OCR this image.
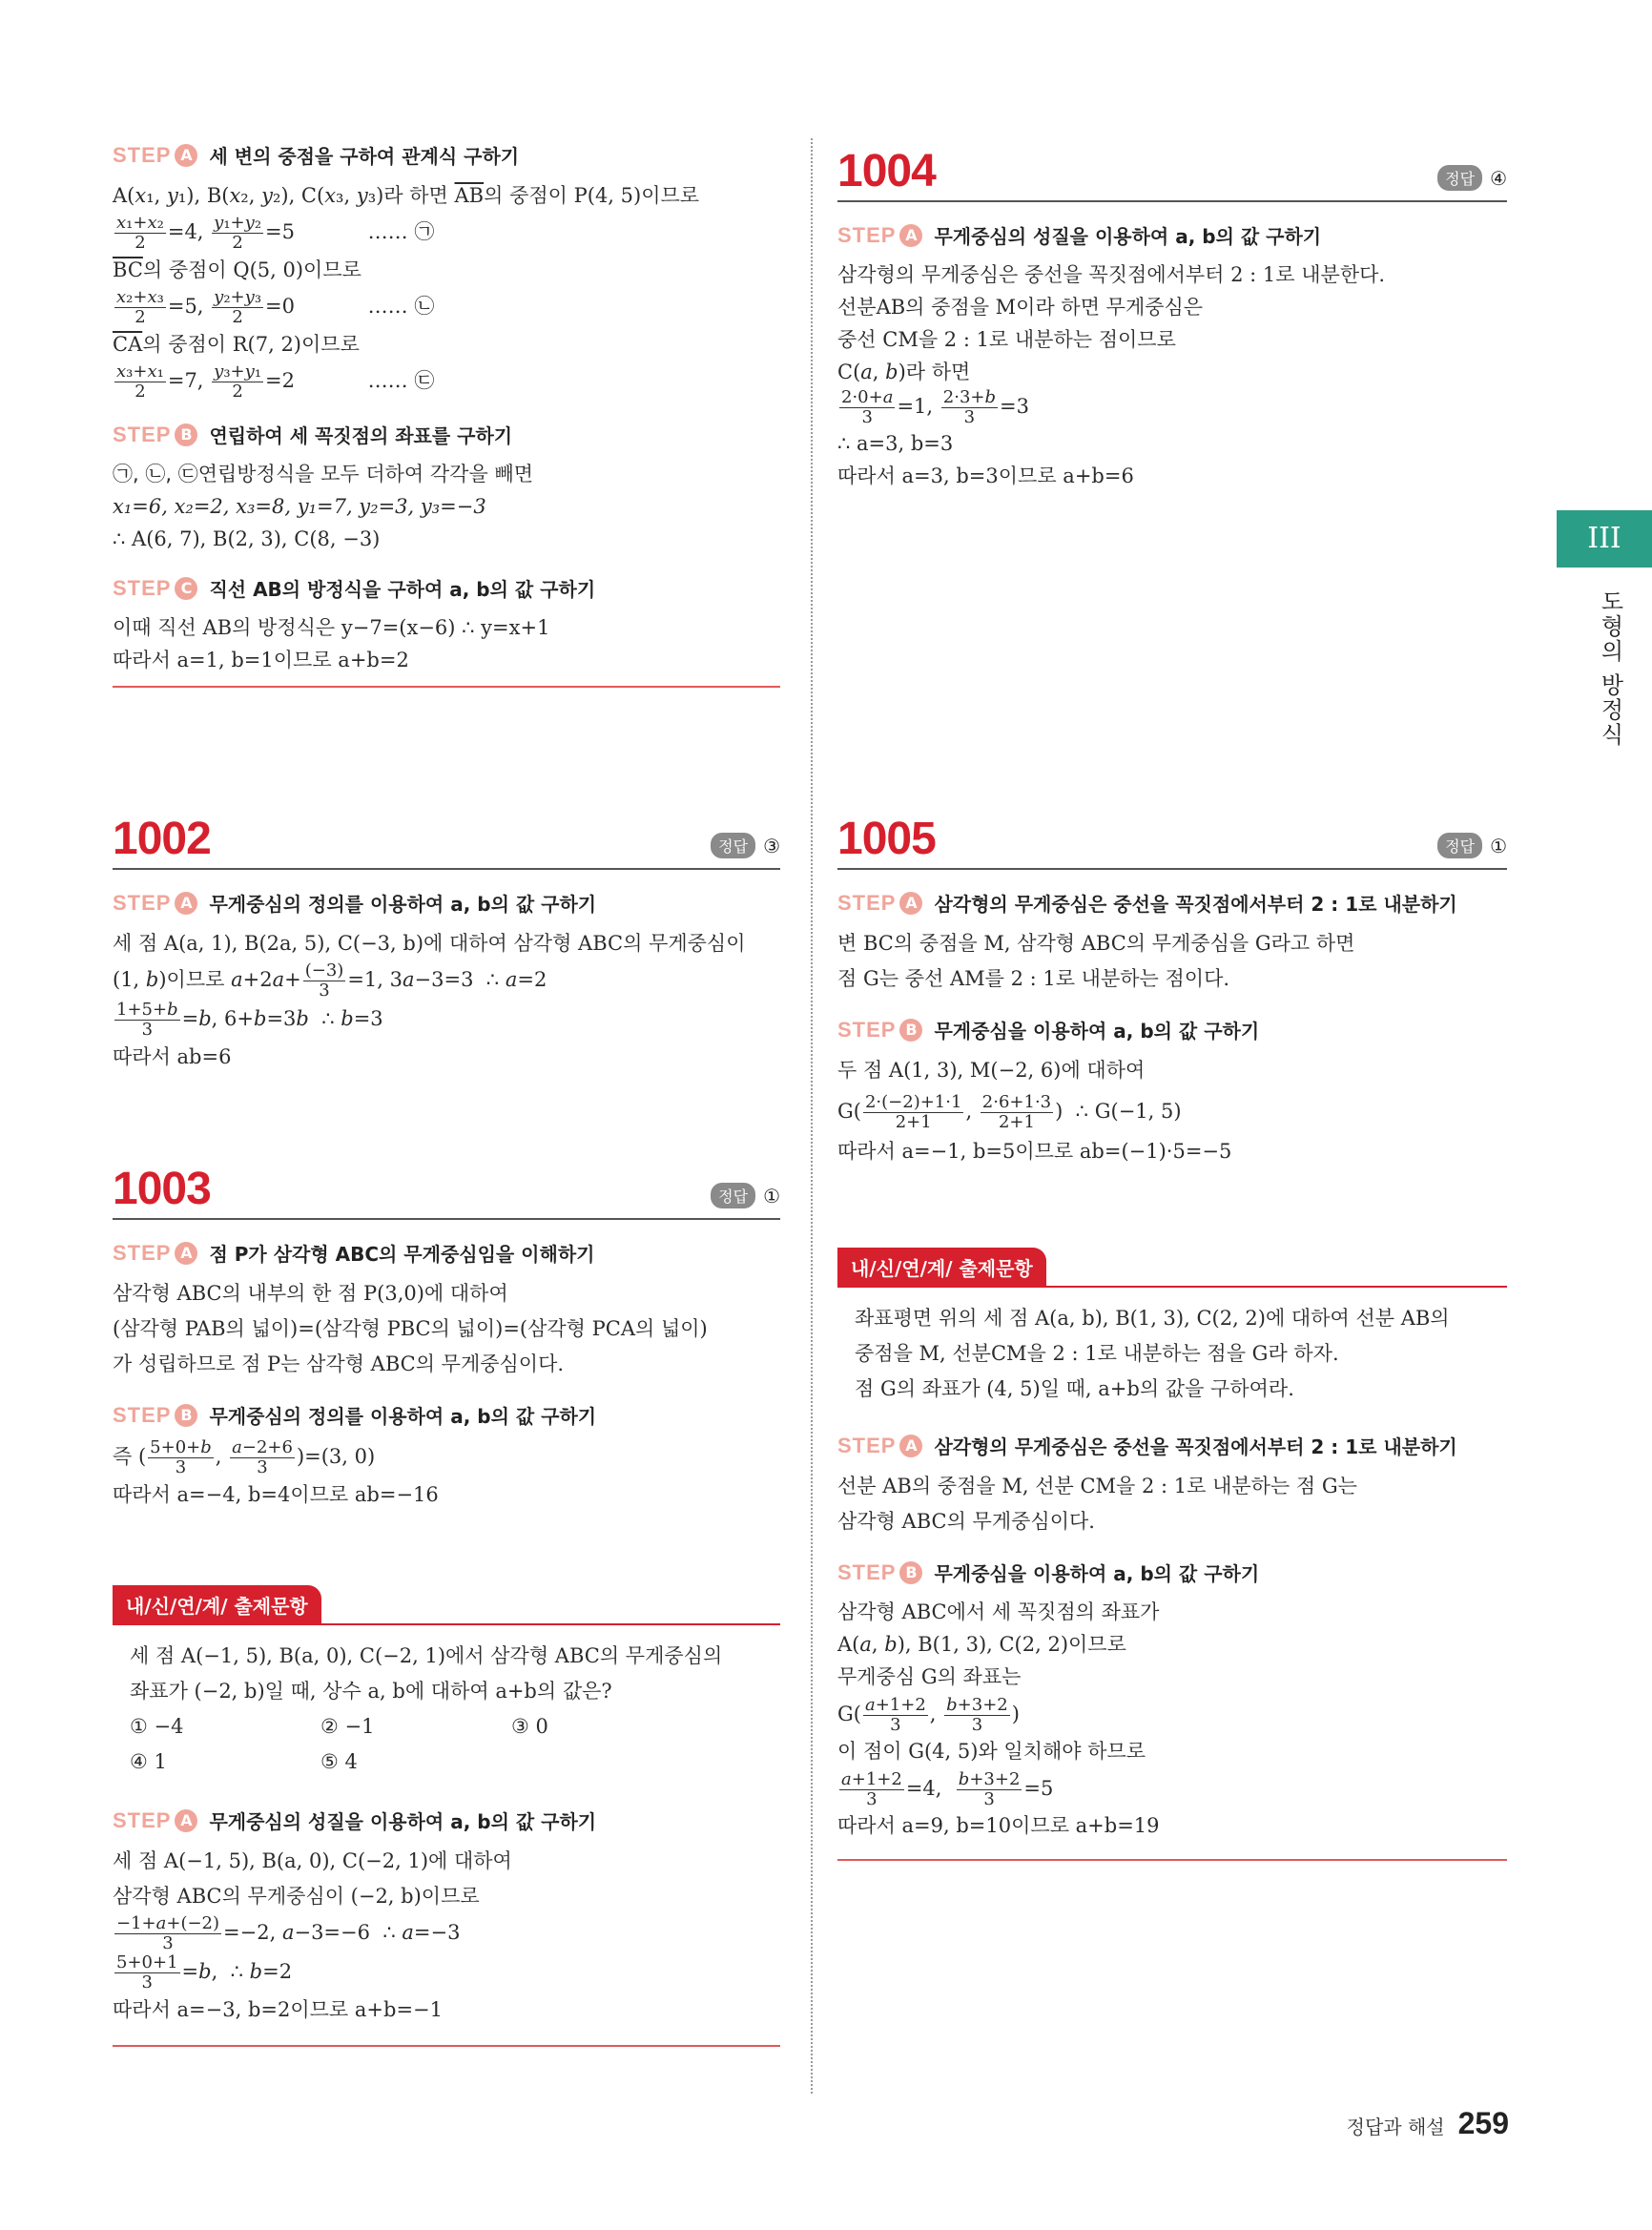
STEP A 세 변의 중점을 구하여 관계식 구하기
A(x₁, y₁), B(x₂, y₂), C(x₃, y₃)라 하면 $\overline{AB}$의 중점이 P(4, 5)이므로
$\frac{\text{x₁+x₂}}{2} =4$, $\frac{\text{y₁+y₂}}{2} =5$	…… ㉠
$\overline{BC}$의 중점이 Q(5, 0)이므로
$\frac{\text{x₂+x₃}}{2} =5$, $\frac{\text{y₂+y₃}}{2} =0$	…… ㉡
$\overline{CA}$의 중점이 R(7, 2)이므로
$\frac{\text{x₃+x₁}}{2} =7$, $\frac{\text{y₃+y₁}}{2} =2$	…… ㉢
STEP B 연립하여 세 꼭짓점의 좌표를 구하기
㉠, ㉡, ㉢연립방정식을 모두 더하여 각각을 빼면
x₁=6, x₂=2, x₃=8, y₁=7, y₂=3, y₃=−3
∴ A(6, 7), B(2, 3), C(8, −3)
STEP C 직선 AB의 방정식을 구하여 a, b의 값 구하기
이때 직선 AB의 방정식은 y−7=(x−6) ∴ y=x+1
따라서 a=1, b=1이므로 a+b=2
1002	정답 ③
STEP A 무게중심의 정의를 이용하여 a, b의 값 구하기
세 점 A(a, 1), B(2a, 5), C(−3, b)에 대하여 삼각형 ABC의 무게중심이
(1, b)이므로 $a+2a+ \frac{(-3)}{3} =1$, 3a−3=3  ∴ a=2
$\frac{1+5+b}{3} =b$, 6+b=3b  ∴ b=3
따라서 ab=6
1003	정답 ①
STEP A 점 P가 삼각형 ABC의 무게중심임을 이해하기
삼각형 ABC의 내부의 한 점 P(3,0)에 대하여
(삼각형 PAB의 넓이)=(삼각형 PBC의 넓이)=(삼각형 PCA의 넓이)
가 성립하므로 점 P는 삼각형 ABC의 무게중심이다.
STEP B 무게중심의 정의를 이용하여 a, b의 값 구하기
즉 ( $\frac{5+0+b}{3}$ , $\frac{a-2+6}{3} )=(3$, 0)
따라서 a=−4, b=4이므로 ab=−16
내/신/연/계/ 출제문항
세 점 A(−1, 5), B(a, 0), C(−2, 1)에서 삼각형 ABC의 무게중심의
좌표가 (−2, b)일 때, 상수 a, b에 대하여 a+b의 값은?
① −4	② −1	③ 0
④ 1	⑤ 4
STEP A 무게중심의 성질을 이용하여 a, b의 값 구하기
세 점 A(−1, 5), B(a, 0), C(−2, 1)에 대하여
삼각형 ABC의 무게중심이 (−2, b)이므로
$\frac{-1+a+(-2)}{3} =-2$, a−3=−6  ∴ a=−3
$\frac{5+0+1}{3} =b$,  ∴ b=2
따라서 a=−3, b=2이므로 a+b=−1
1004	정답 ④
STEP A 무게중심의 성질을 이용하여 a, b의 값 구하기
삼각형의 무게중심은 중선을 꼭짓점에서부터 2 : 1로 내분한다.
선분AB의 중점을 M이라 하면 무게중심은
중선 CM을 2 : 1로 내분하는 점이므로
C(a, b)라 하면
$\frac{2\cdot 0+a}{3} =1$, $\frac{2\cdot 3+b}{3} =3$
∴ a=3, b=3
따라서 a=3, b=3이므로 a+b=6
1005	정답 ①
STEP A 삼각형의 무게중심은 중선을 꼭짓점에서부터 2 : 1로 내분하기
변 BC의 중점을 M, 삼각형 ABC의 무게중심을 G라고 하면
점 G는 중선 AM를 2 : 1로 내분하는 점이다.
STEP B 무게중심을 이용하여 a, b의 값 구하기
두 점 A(1, 3), M(−2, 6)에 대하여
$G( \frac{2\cdot(-2)+1\cdot 1}{2+1}$ , $\frac{2\cdot 6+1\cdot 3}{2+1}$ )  ∴ G(−1, 5)
따라서 a=−1, b=5이므로 ab=(−1)·5=−5
내/신/연/계/ 출제문항
좌표평면 위의 세 점 A(a, b), B(1, 3), C(2, 2)에 대하여 선분 AB의
중점을 M, 선분CM을 2 : 1로 내분하는 점을 G라 하자.
점 G의 좌표가 (4, 5)일 때, a+b의 값을 구하여라.
STEP A 삼각형의 무게중심은 중선을 꼭짓점에서부터 2 : 1로 내분하기
선분 AB의 중점을 M, 선분 CM을 2 : 1로 내분하는 점 G는
삼각형 ABC의 무게중심이다.
STEP B 무게중심을 이용하여 a, b의 값 구하기
삼각형 ABC에서 세 꼭짓점의 좌표가
A(a, b), B(1, 3), C(2, 2)이므로
무게중심 G의 좌표는
$G( \frac{a+1+2}{3}$ , $\frac{b+3+2}{3}$ )
이 점이 G(4, 5)와 일치해야 하므로
$\frac{a+1+2}{3} =4$, $\frac{b+3+2}{3} =5$
따라서 a=9, b=10이므로 a+b=19
III
도형의 방정식
정답과 해설 259
